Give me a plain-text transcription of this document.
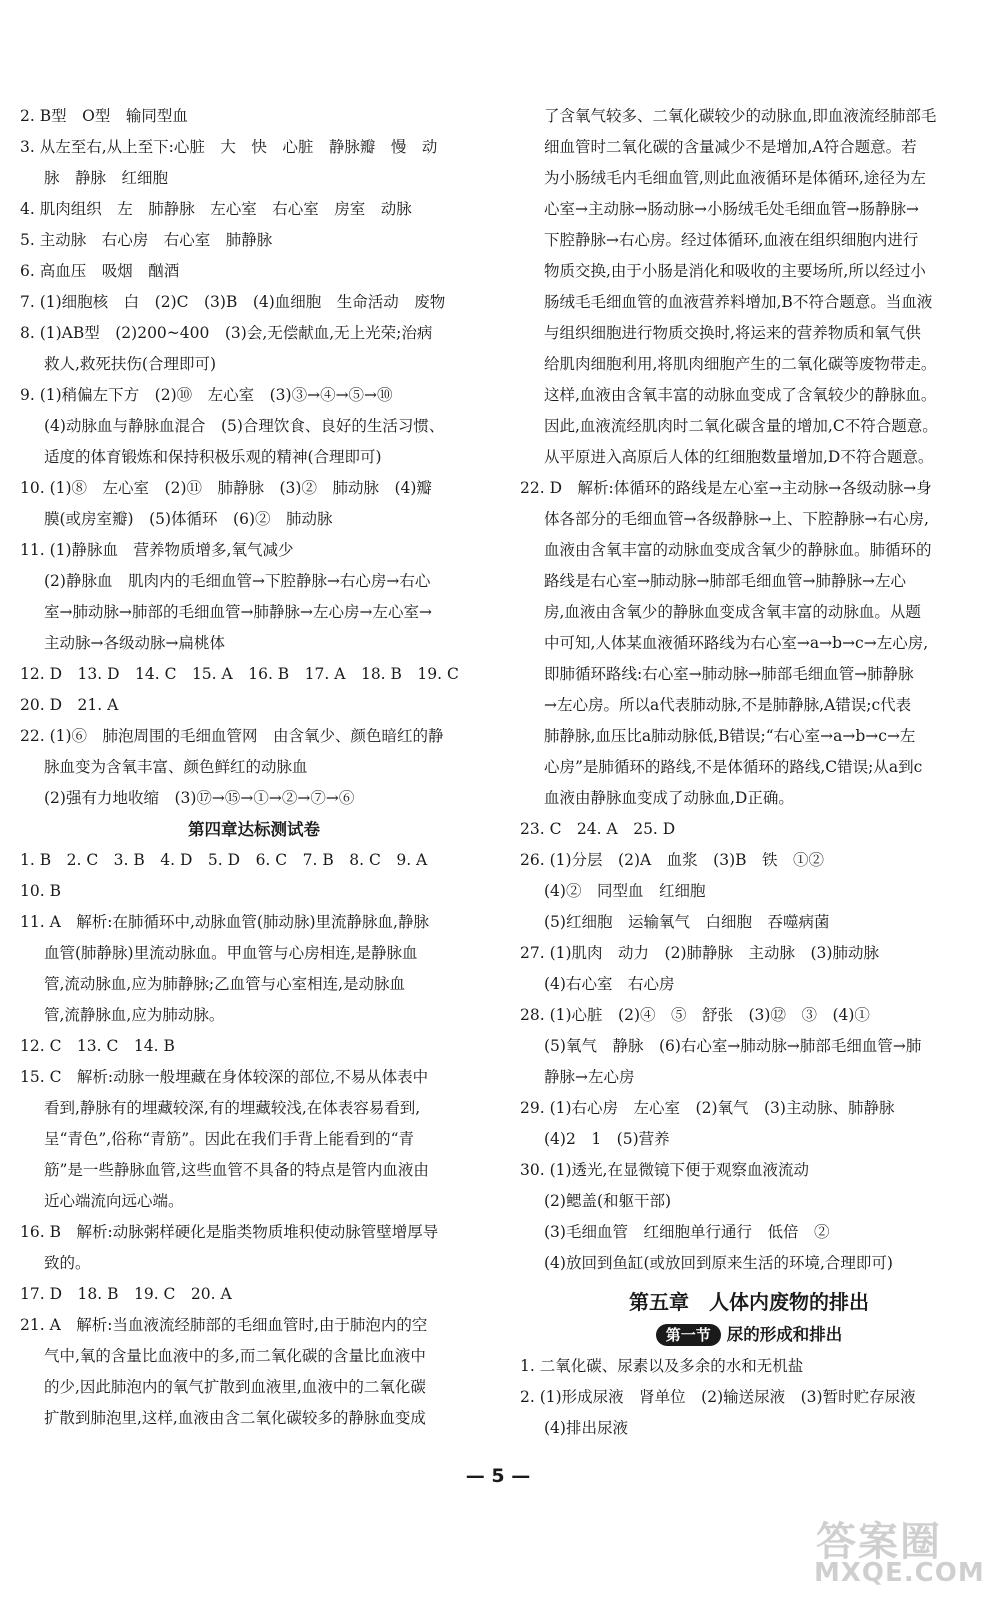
2. B型　O型　输同型血
3. 从左至右,从上至下:心脏　大　快　心脏　静脉瓣　慢　动
脉　静脉　红细胞
4. 肌肉组织　左　肺静脉　左心室　右心室　房室　动脉
5. 主动脉　右心房　右心室　肺静脉
6. 高血压　吸烟　酗酒
7. (1)细胞核　白　(2)C　(3)B　(4)血细胞　生命活动　废物
8. (1)AB型　(2)200~400　(3)会,无偿献血,无上光荣;治病
救人,救死扶伤(合理即可)
9. (1)稍偏左下方　(2)⑩　左心室　(3)③→④→⑤→⑩
(4)动脉血与静脉血混合　(5)合理饮食、良好的生活习惯、
适度的体育锻炼和保持积极乐观的精神(合理即可)
10. (1)⑧　左心室　(2)⑪　肺静脉　(3)②　肺动脉　(4)瓣
膜(或房室瓣)　(5)体循环　(6)②　肺动脉
11. (1)静脉血　营养物质增多,氧气减少
(2)静脉血　肌肉内的毛细血管→下腔静脉→右心房→右心
室→肺动脉→肺部的毛细血管→肺静脉→左心房→左心室→
主动脉→各级动脉→扁桃体
12. D　13. D　14. C　15. A　16. B　17. A　18. B　19. C
20. D　21. A
22. (1)⑥　肺泡周围的毛细血管网　由含氧少、颜色暗红的静
脉血变为含氧丰富、颜色鲜红的动脉血
(2)强有力地收缩　(3)⑰→⑮→①→②→⑦→⑥
第四章达标测试卷
1. B　2. C　3. B　4. D　5. D　6. C　7. B　8. C　9. A
10. B
11. A　解析:在肺循环中,动脉血管(肺动脉)里流静脉血,静脉
血管(肺静脉)里流动脉血。甲血管与心房相连,是静脉血
管,流动脉血,应为肺静脉;乙血管与心室相连,是动脉血
管,流静脉血,应为肺动脉。
12. C　13. C　14. B
15. C　解析:动脉一般埋藏在身体较深的部位,不易从体表中
看到,静脉有的埋藏较深,有的埋藏较浅,在体表容易看到,
呈“青色”,俗称“青筋”。因此在我们手背上能看到的“青
筋”是一些静脉血管,这些血管不具备的特点是管内血液由
近心端流向远心端。
16. B　解析:动脉粥样硬化是脂类物质堆积使动脉管壁增厚导
致的。
17. D　18. B　19. C　20. A
21. A　解析:当血液流经肺部的毛细血管时,由于肺泡内的空
气中,氧的含量比血液中的多,而二氧化碳的含量比血液中
的少,因此肺泡内的氧气扩散到血液里,血液中的二氧化碳
扩散到肺泡里,这样,血液由含二氧化碳较多的静脉血变成
了含氧气较多、二氧化碳较少的动脉血,即血液流经肺部毛
细血管时二氧化碳的含量减少不是增加,A符合题意。若
为小肠绒毛内毛细血管,则此血液循环是体循环,途径为左
心室→主动脉→肠动脉→小肠绒毛处毛细血管→肠静脉→
下腔静脉→右心房。经过体循环,血液在组织细胞内进行
物质交换,由于小肠是消化和吸收的主要场所,所以经过小
肠绒毛毛细血管的血液营养料增加,B不符合题意。当血液
与组织细胞进行物质交换时,将运来的营养物质和氧气供
给肌肉细胞利用,将肌肉细胞产生的二氧化碳等废物带走。
这样,血液由含氧丰富的动脉血变成了含氧较少的静脉血。
因此,血液流经肌肉时二氧化碳含量的增加,C不符合题意。
从平原进入高原后人体的红细胞数量增加,D不符合题意。
22. D　解析:体循环的路线是左心室→主动脉→各级动脉→身
体各部分的毛细血管→各级静脉→上、下腔静脉→右心房,
血液由含氧丰富的动脉血变成含氧少的静脉血。肺循环的
路线是右心室→肺动脉→肺部毛细血管→肺静脉→左心
房,血液由含氧少的静脉血变成含氧丰富的动脉血。从题
中可知,人体某血液循环路线为右心室→a→b→c→左心房,
即肺循环路线:右心室→肺动脉→肺部毛细血管→肺静脉
→左心房。所以a代表肺动脉,不是肺静脉,A错误;c代表
肺静脉,血压比a肺动脉低,B错误;“右心室→a→b→c→左
心房”是肺循环的路线,不是体循环的路线,C错误;从a到c
血液由静脉血变成了动脉血,D正确。
23. C　24. A　25. D
26. (1)分层　(2)A　血浆　(3)B　铁　①②
(4)②　同型血　红细胞
(5)红细胞　运输氧气　白细胞　吞噬病菌
27. (1)肌肉　动力　(2)肺静脉　主动脉　(3)肺动脉
(4)右心室　右心房
28. (1)心脏　(2)④　⑤　舒张　(3)⑫　③　(4)①
(5)氧气　静脉　(6)右心室→肺动脉→肺部毛细血管→肺
静脉→左心房
29. (1)右心房　左心室　(2)氧气　(3)主动脉、肺静脉
(4)2　1　(5)营养
30. (1)透光,在显微镜下便于观察血液流动
(2)鳃盖(和躯干部)
(3)毛细血管　红细胞单行通行　低倍　②
(4)放回到鱼缸(或放回到原来生活的环境,合理即可)
第五章　人体内废物的排出
第一节 尿的形成和排出
1. 二氧化碳、尿素以及多余的水和无机盐
2. (1)形成尿液　肾单位　(2)输送尿液　(3)暂时贮存尿液
(4)排出尿液
— 5 —
答案圈
MXQE.COM
